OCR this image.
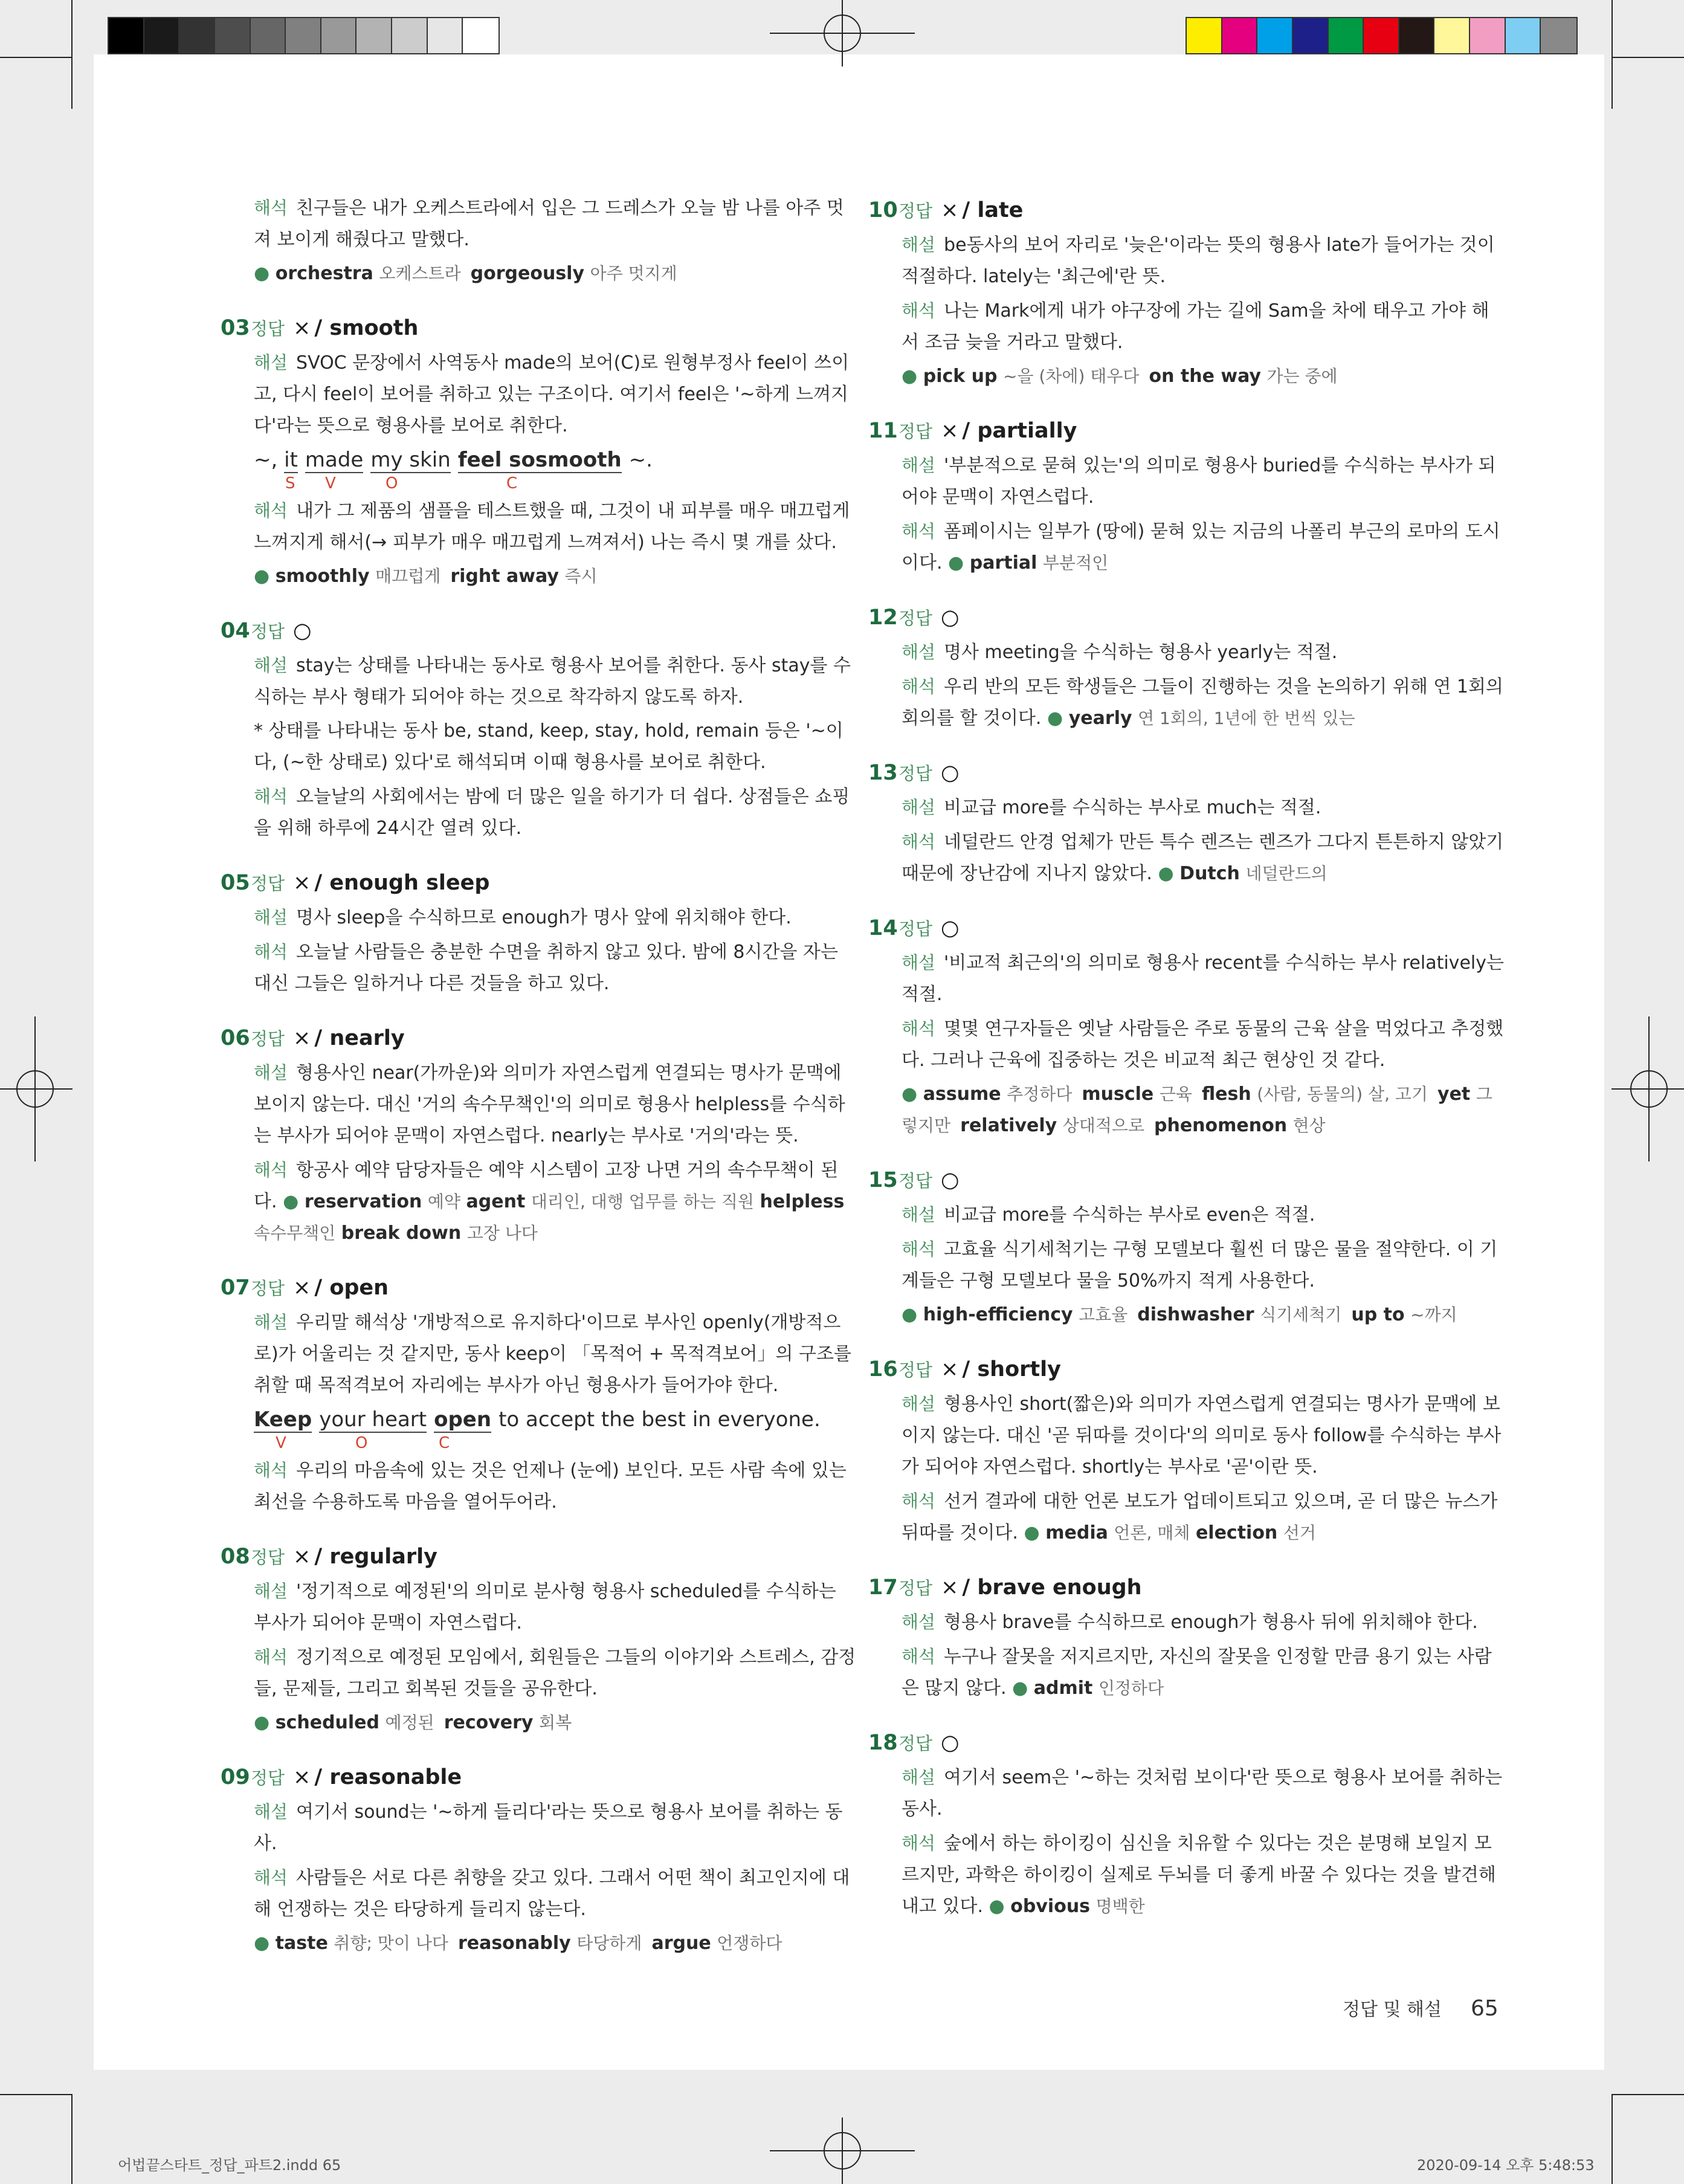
해석 친구들은 내가 오케스트라에서 입은 그 드레스가 오늘 밤 나를 아주 멋져 보이게 해줬다고 말했다.

● orchestra 오케스트라 gorgeously 아주 멋지게

03정답 × / smooth

해설 SVOC 문장에서 사역동사 made의 보어(C)로 원형부정사 feel이 쓰이고, 다시 feel이 보어를 취하고 있는 구조이다. 여기서 feel은 '~하게 느껴지다'라는 뜻으로 형용사를 보어로 취한다.

~, it made my skin feel sosmooth ~.
S V	O	C

해석 내가 그 제품의 샘플을 테스트했을 때, 그것이 내 피부를 매우 매끄럽게 느껴지게 해서(→ 피부가 매우 매끄럽게 느껴져서) 나는 즉시 몇 개를 샀다.

● smoothly 매끄럽게 right away 즉시

04정답 ○

해설 stay는 상태를 나타내는 동사로 형용사 보어를 취한다. 동사 stay를 수식하는 부사 형태가 되어야 하는 것으로 착각하지 않도록 하자.

* 상태를 나타내는 동사 be, stand, keep, stay, hold, remain 등은 '~이다, (~한 상태로) 있다'로 해석되며 이때 형용사를 보어로 취한다.

해석 오늘날의 사회에서는 밤에 더 많은 일을 하기가 더 쉽다. 상점들은 쇼핑을 위해 하루에 24시간 열려 있다.

05정답 × / enough sleep

해설 명사 sleep을 수식하므로 enough가 명사 앞에 위치해야 한다.

해석 오늘날 사람들은 충분한 수면을 취하지 않고 있다. 밤에 8시간을 자는 대신 그들은 일하거나 다른 것들을 하고 있다.

06정답 × / nearly

해설 형용사인 near(가까운)와 의미가 자연스럽게 연결되는 명사가 문맥에 보이지 않는다. 대신 '거의 속수무책인'의 의미로 형용사 helpless를 수식하는 부사가 되어야 문맥이 자연스럽다. nearly는 부사로 '거의'라는 뜻.

해석 항공사 예약 담당자들은 예약 시스템이 고장 나면 거의 속수무책이 된다. ● reservation 예약 agent 대리인, 대행 업무를 하는 직원 helpless 속수무책인 break down 고장 나다

07정답 × / open

해설 우리말 해석상 '개방적으로 유지하다'이므로 부사인 openly(개방적으로)가 어울리는 것 같지만, 동사 keep이 「목적어 + 목적격보어」의 구조를 취할 때 목적격보어 자리에는 부사가 아닌 형용사가 들어가야 한다.

Keep your heart open to accept the best in everyone.
V	O	C

해석 우리의 마음속에 있는 것은 언제나 (눈에) 보인다. 모든 사람 속에 있는 최선을 수용하도록 마음을 열어두어라.

08정답 × / regularly

해설 '정기적으로 예정된'의 의미로 분사형 형용사 scheduled를 수식하는 부사가 되어야 문맥이 자연스럽다.

해석 정기적으로 예정된 모임에서, 회원들은 그들의 이야기와 스트레스, 감정들, 문제들, 그리고 회복된 것들을 공유한다.

● scheduled 예정된 recovery 회복

09정답 × / reasonable

해설 여기서 sound는 '~하게 들리다'라는 뜻으로 형용사 보어를 취하는 동사.

해석 사람들은 서로 다른 취향을 갖고 있다. 그래서 어떤 책이 최고인지에 대해 언쟁하는 것은 타당하게 들리지 않는다.

● taste 취향; 맛이 나다 reasonably 타당하게 argue 언쟁하다

10정답 × / late

해설 be동사의 보어 자리로 '늦은'이라는 뜻의 형용사 late가 들어가는 것이 적절하다. lately는 '최근에'란 뜻.

해석 나는 Mark에게 내가 야구장에 가는 길에 Sam을 차에 태우고 가야 해서 조금 늦을 거라고 말했다.

● pick up ~을 (차에) 태우다 on the way 가는 중에

11정답 × / partially

해설 '부분적으로 묻혀 있는'의 의미로 형용사 buried를 수식하는 부사가 되어야 문맥이 자연스럽다.

해석 폼페이시는 일부가 (땅에) 묻혀 있는 지금의 나폴리 부근의 로마의 도시이다. ● partial 부분적인

12정답 ○

해설 명사 meeting을 수식하는 형용사 yearly는 적절.

해석 우리 반의 모든 학생들은 그들이 진행하는 것을 논의하기 위해 연 1회의 회의를 할 것이다. ● yearly 연 1회의, 1년에 한 번씩 있는

13정답 ○

해설 비교급 more를 수식하는 부사로 much는 적절.

해석 네덜란드 안경 업체가 만든 특수 렌즈는 렌즈가 그다지 튼튼하지 않았기 때문에 장난감에 지나지 않았다. ● Dutch 네덜란드의

14정답 ○

해설 '비교적 최근의'의 의미로 형용사 recent를 수식하는 부사 relatively는 적절.

해석 몇몇 연구자들은 옛날 사람들은 주로 동물의 근육 살을 먹었다고 추정했다. 그러나 근육에 집중하는 것은 비교적 최근 현상인 것 같다.

● assume 추정하다 muscle 근육 flesh (사람, 동물의) 살, 고기 yet 그렇지만 relatively 상대적으로 phenomenon 현상

15정답 ○

해설 비교급 more를 수식하는 부사로 even은 적절.

해석 고효율 식기세척기는 구형 모델보다 훨씬 더 많은 물을 절약한다. 이 기계들은 구형 모델보다 물을 50%까지 적게 사용한다.

● high-efficiency 고효율 dishwasher 식기세척기 up to ~까지

16정답 × / shortly

해설 형용사인 short(짧은)와 의미가 자연스럽게 연결되는 명사가 문맥에 보이지 않는다. 대신 '곧 뒤따를 것이다'의 의미로 동사 follow를 수식하는 부사가 되어야 자연스럽다. shortly는 부사로 '곧'이란 뜻.

해석 선거 결과에 대한 언론 보도가 업데이트되고 있으며, 곧 더 많은 뉴스가 뒤따를 것이다. ● media 언론, 매체 election 선거

17정답 × / brave enough

해설 형용사 brave를 수식하므로 enough가 형용사 뒤에 위치해야 한다.

해석 누구나 잘못을 저지르지만, 자신의 잘못을 인정할 만큼 용기 있는 사람은 많지 않다. ● admit 인정하다

18정답 ○

해설 여기서 seem은 '~하는 것처럼 보이다'란 뜻으로 형용사 보어를 취하는 동사.

해석 숲에서 하는 하이킹이 심신을 치유할 수 있다는 것은 분명해 보일지 모르지만, 과학은 하이킹이 실제로 두뇌를 더 좋게 바꿀 수 있다는 것을 발견해 내고 있다. ● obvious 명백한

정답 및 해설 65
어법끝스타트_정답_파트2.indd 65	2020-09-14 오후 5:48:53
